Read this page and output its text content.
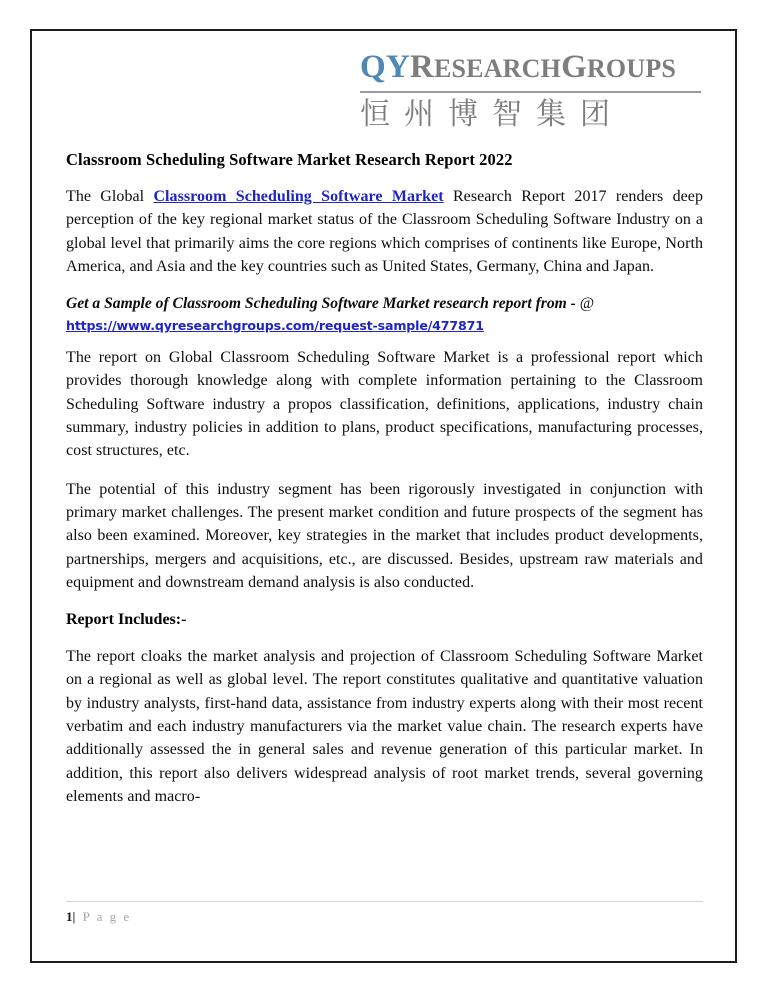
QYRESEARCHGROUPS
恒州博智集团
Classroom Scheduling Software Market Research Report 2022

The Global Classroom Scheduling Software Market Research Report 2017 renders deep perception of the key regional market status of the Classroom Scheduling Software Industry on a global level that primarily aims the core regions which comprises of continents like Europe, North America, and Asia and the key countries such as United States, Germany, China and Japan.

Get a Sample of Classroom Scheduling Software Market research report from - @
https://www.qyresearchgroups.com/request-sample/477871

The report on Global Classroom Scheduling Software Market is a professional report which provides thorough knowledge along with complete information pertaining to the Classroom Scheduling Software industry a propos classification, definitions, applications, industry chain summary, industry policies in addition to plans, product specifications, manufacturing processes, cost structures, etc.

The potential of this industry segment has been rigorously investigated in conjunction with primary market challenges. The present market condition and future prospects of the segment has also been examined. Moreover, key strategies in the market that includes product developments, partnerships, mergers and acquisitions, etc., are discussed. Besides, upstream raw materials and equipment and downstream demand analysis is also conducted.

Report Includes:-

The report cloaks the market analysis and projection of Classroom Scheduling Software Market on a regional as well as global level. The report constitutes qualitative and quantitative valuation by industry analysts, first-hand data, assistance from industry experts along with their most recent verbatim and each industry manufacturers via the market value chain. The research experts have additionally assessed the in general sales and revenue generation of this particular market. In addition, this report also delivers widespread analysis of root market trends, several governing elements and macro-

1| P a g e
